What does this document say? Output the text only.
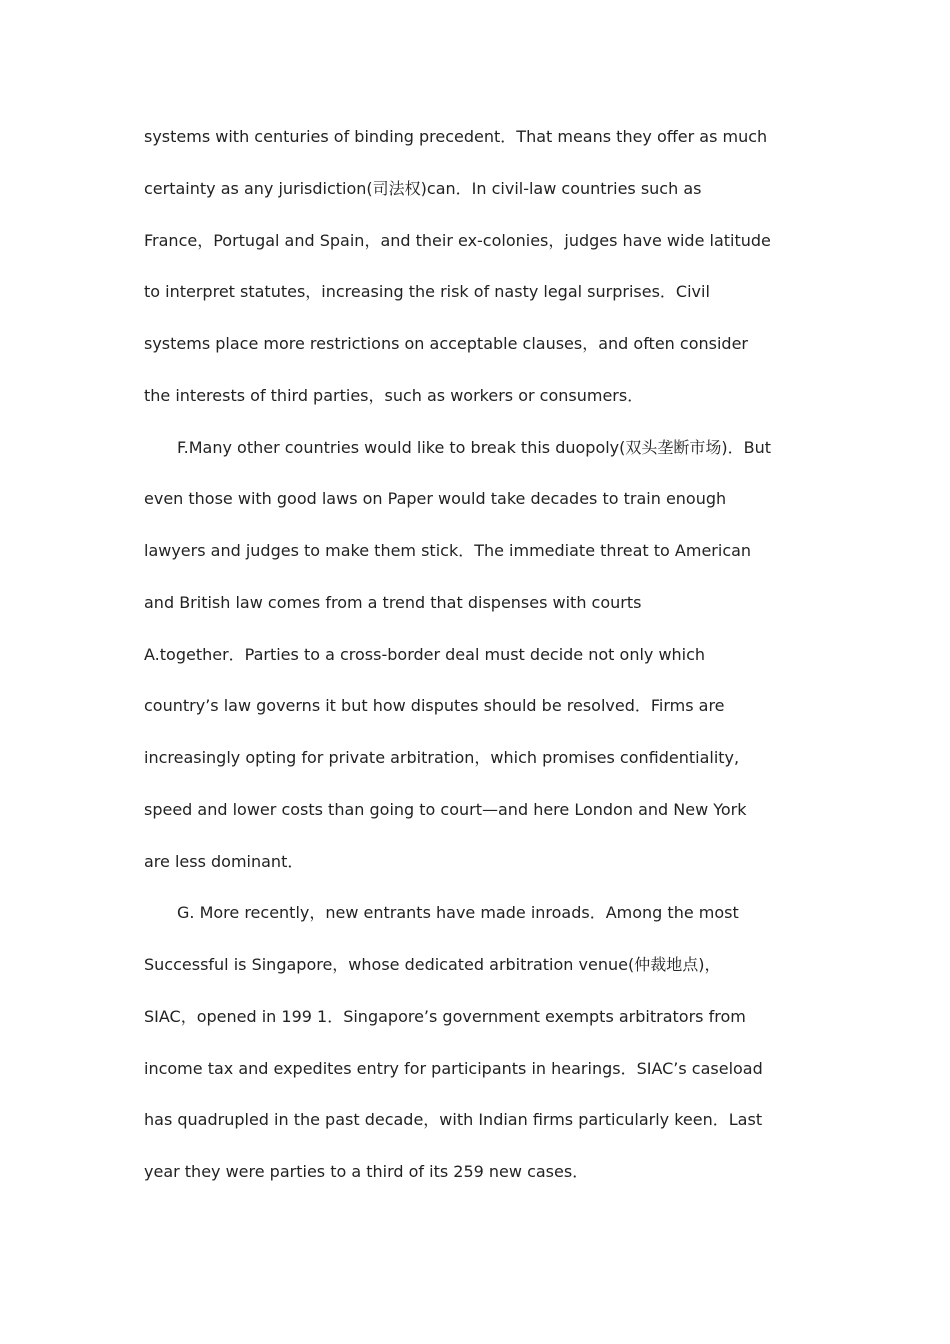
systems with centuries of binding precedent．That means they offer as much
certainty as any jurisdiction(司法权)can．In civil-law countries such as
France，Portugal and Spain，and their ex-colonies，judges have wide latitude
to interpret statutes，increasing the risk of nasty legal surprises．Civil
systems place more restrictions on acceptable clauses，and often consider
the interests of third parties，such as workers or consumers．
F.Many other countries would like to break this duopoly(双头垄断市场)．But
even those with good laws on Paper would take decades to train enough
lawyers and judges to make them stick．The immediate threat to American
and British law comes from a trend that dispenses with courts
A.together．Parties to a cross-border deal must decide not only which
country’s law governs it but how disputes should be resolved．Firms are
increasingly opting for private arbitration，which promises confidentiality,
speed and lower costs than going to court—and here London and New York
are less dominant．
G. More recently，new entrants have made inroads．Among the most
Successful is Singapore，whose dedicated arbitration venue(仲裁地点)，
SIAC，opened in 199 1．Singapore’s government exempts arbitrators from
income tax and expedites entry for participants in hearings．SIAC’s caseload
has quadrupled in the past decade，with Indian firms particularly keen．Last
year they were parties to a third of its 259 new cases．
